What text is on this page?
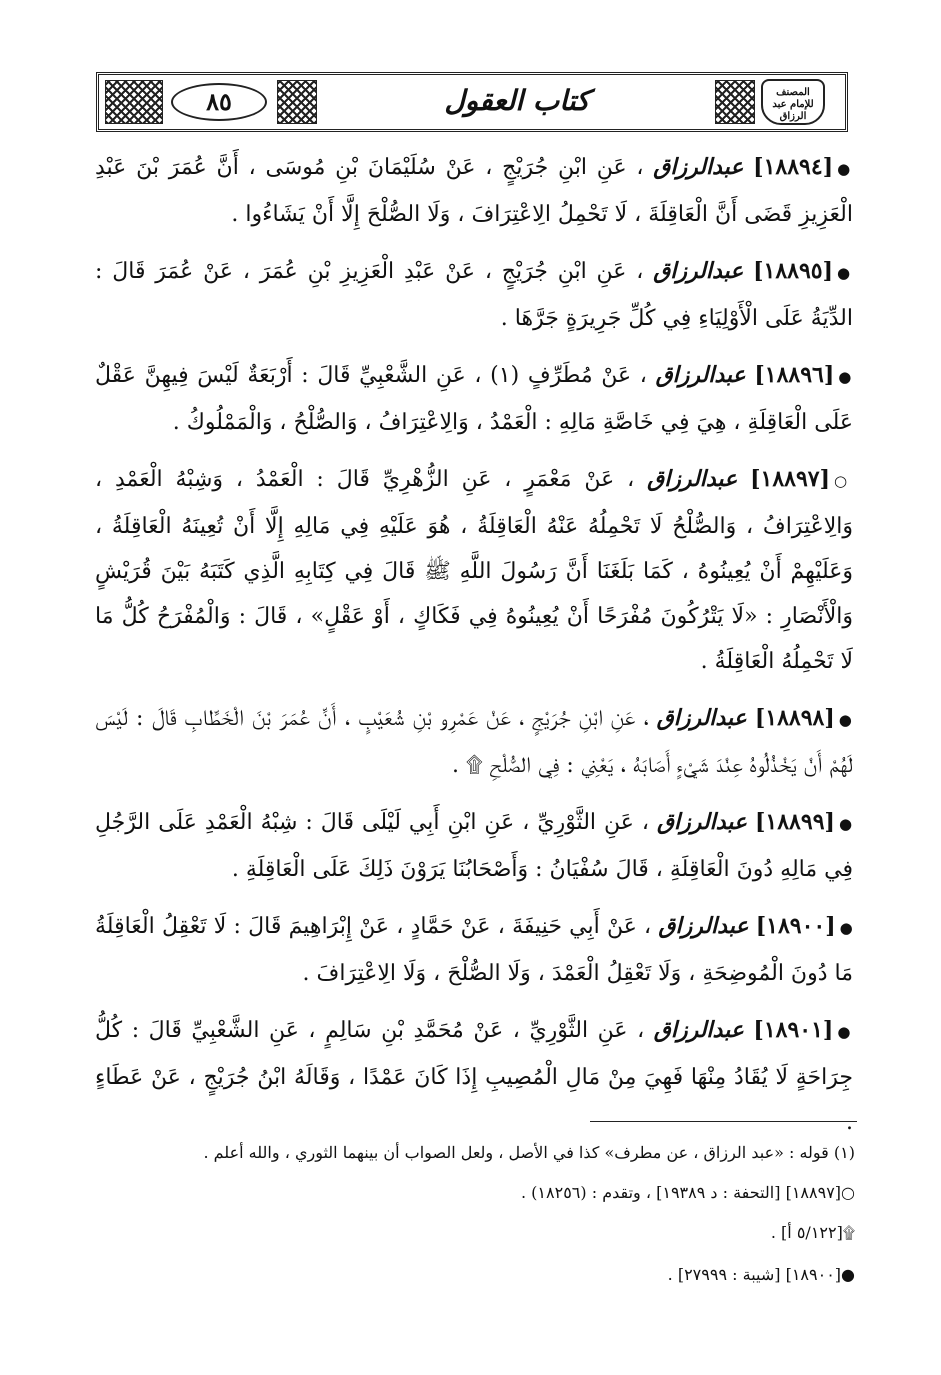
٨٥	كتاب العقول	المصنف
للإمام عبد الرزاق

●[١٨٨٩٤] عبدالرزاق ، عَنِ ابْنِ جُرَيْجٍ ، عَنْ سُلَيْمَانَ بْنِ مُوسَى ، أَنَّ عُمَرَ بْنَ عَبْدِ الْعَزِيزِ قَضَى أَنَّ الْعَاقِلَةَ ، لَا تَحْمِلُ الِاعْتِرَافَ ، وَلَا الصُّلْحَ إِلَّا أَنْ يَشَاءُوا .

●[١٨٨٩٥] عبدالرزاق ، عَنِ ابْنِ جُرَيْجٍ ، عَنْ عَبْدِ الْعَزِيزِ بْنِ عُمَرَ ، عَنْ عُمَرَ قَالَ : الدِّيَةُ عَلَى الْأَوْلِيَاءِ فِي كُلِّ جَرِيرَةٍ جَرَّهَا .

●[١٨٨٩٦] عبدالرزاق ، عَنْ مُطَرِّفٍ (١) ، عَنِ الشَّعْبِيِّ قَالَ : أَرْبَعَةٌ لَيْسَ فِيهِنَّ عَقْلٌ عَلَى الْعَاقِلَةِ ، هِيَ فِي خَاصَّةِ مَالِهِ : الْعَمْدُ ، وَالِاعْتِرَافُ ، وَالصُّلْحُ ، وَالْمَمْلُوكُ .

○[١٨٨٩٧] عبدالرزاق ، عَنْ مَعْمَرٍ ، عَنِ الزُّهْرِيِّ قَالَ : الْعَمْدُ ، وَشِبْهُ الْعَمْدِ ، وَالِاعْتِرَافُ ، وَالصُّلْحُ لَا تَحْمِلُهُ عَنْهُ الْعَاقِلَةُ ، هُوَ عَلَيْهِ فِي مَالِهِ إِلَّا أَنْ تُعِينَهُ الْعَاقِلَةُ ، وَعَلَيْهِمْ أَنْ يُعِينُوهُ ، كَمَا بَلَغَنَا أَنَّ رَسُولَ اللَّهِ ﷺ قَالَ فِي كِتَابِهِ الَّذِي كَتَبَهُ بَيْنَ قُرَيْشٍ وَالْأَنْصَارِ : «لَا يَتْرُكُونَ مُفْرَحًا أَنْ يُعِينُوهُ فِي فَكَاكٍ ، أَوْ عَقْلٍ» ، قَالَ : وَالْمُفْرَحُ كُلُّ مَا لَا تَحْمِلُهُ الْعَاقِلَةُ .

●[١٨٨٩٨] عبدالرزاق ، عَنِ ابْنِ جُرَيْجٍ ، عَنْ عَمْرِو بْنِ شُعَيْبٍ ، أَنَّ عُمَرَ بْنَ الْخَطَّابِ قَالَ : لَيْسَ لَهُمْ أَنْ يَخْذُلُوهُ عِنْدَ شَيْءٍ أَصَابَهُ ، يَعْنِي : فِي الصُّلْحِ ۩ .

●[١٨٨٩٩] عبدالرزاق ، عَنِ الثَّوْرِيِّ ، عَنِ ابْنِ أَبِي لَيْلَى قَالَ : شِبْهُ الْعَمْدِ عَلَى الرَّجُلِ فِي مَالِهِ دُونَ الْعَاقِلَةِ ، قَالَ سُفْيَانُ : وَأَصْحَابُنَا يَرَوْنَ ذَلِكَ عَلَى الْعَاقِلَةِ .

●[١٨٩٠٠] عبدالرزاق ، عَنْ أَبِي حَنِيفَةَ ، عَنْ حَمَّادٍ ، عَنْ إِبْرَاهِيمَ قَالَ : لَا تَعْقِلُ الْعَاقِلَةُ مَا دُونَ الْمُوضِحَةِ ، وَلَا تَعْقِلُ الْعَمْدَ ، وَلَا الصُّلْحَ ، وَلَا الِاعْتِرَافَ .

●[١٨٩٠١] عبدالرزاق ، عَنِ الثَّوْرِيِّ ، عَنْ مُحَمَّدِ بْنِ سَالِمٍ ، عَنِ الشَّعْبِيِّ قَالَ : كُلُّ جِرَاحَةٍ لَا يُقَادُ مِنْهَا فَهِيَ مِنْ مَالِ الْمُصِيبِ إِذَا كَانَ عَمْدًا ، وَقَالَهُ ابْنُ جُرَيْجٍ ، عَنْ عَطَاءٍ .

(١) قوله : «عبد الرزاق ، عن مطرف» كذا في الأصل ، ولعل الصواب أن بينهما الثوري ، والله أعلم .
○[١٨٨٩٧] [التحفة : د ١٩٣٨٩] ، وتقدم : (١٨٢٥٦) .
۩[٥/١٢٢ أ] .
●[١٨٩٠٠] [شيبة : ٢٧٩٩٩] .
